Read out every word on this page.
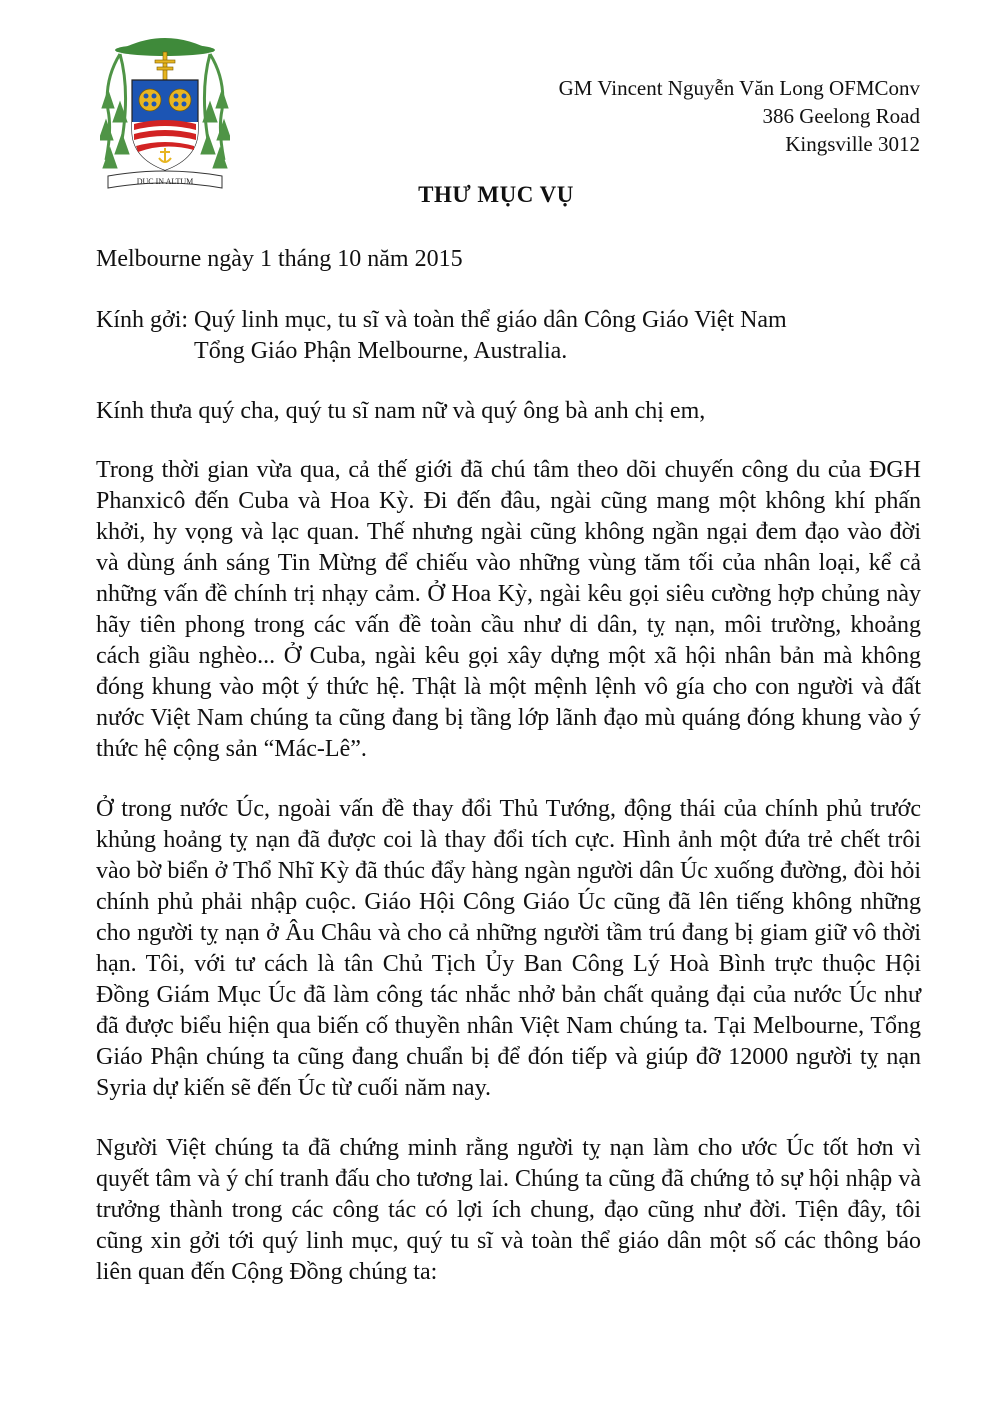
DUC IN ALTUM
GM Vincent Nguyễn Văn Long OFMConv
386 Geelong Road
Kingsville 3012
THƯ MỤC VỤ

Melbourne ngày 1 tháng 10 năm 2015

Kính gởi: Quý linh mục, tu sĩ và toàn thể giáo dân Công Giáo Việt Nam
Tổng Giáo Phận Melbourne, Australia.

Kính thưa quý cha, quý tu sĩ nam nữ và quý ông bà anh chị em,

Trong thời gian vừa qua, cả thế giới đã chú tâm theo dõi chuyến công du của ĐGH Phanxicô đến Cuba và Hoa Kỳ. Đi đến đâu, ngài cũng mang một không khí phấn khởi, hy vọng và lạc quan. Thế nhưng ngài cũng không ngần ngại đem đạo vào đời và dùng ánh sáng Tin Mừng để chiếu vào những vùng tăm tối của nhân loại, kể cả những vấn đề chính trị nhạy cảm. Ở Hoa Kỳ, ngài kêu gọi siêu cường hợp chủng này hãy tiên phong trong các vấn đề toàn cầu như di dân, tỵ nạn, môi trường, khoảng cách giầu nghèo... Ở Cuba, ngài kêu gọi xây dựng một xã hội nhân bản mà không đóng khung vào một ý thức hệ. Thật là một mệnh lệnh vô gía cho con người và đất nước Việt Nam chúng ta cũng đang bị tầng lớp lãnh đạo mù quáng đóng khung vào ý thức hệ cộng sản “Mác-Lê”.

Ở trong nước Úc, ngoài vấn đề thay đổi Thủ Tướng, động thái của chính phủ trước khủng hoảng tỵ nạn đã được coi là thay đổi tích cực. Hình ảnh một đứa trẻ chết trôi vào bờ biển ở Thổ Nhĩ Kỳ đã thúc đẩy hàng ngàn người dân Úc xuống đường, đòi hỏi chính phủ phải nhập cuộc. Giáo Hội Công Giáo Úc cũng đã lên tiếng không những cho người tỵ nạn ở Âu Châu và cho cả những người tầm trú đang bị giam giữ vô thời hạn. Tôi, với tư cách là tân Chủ Tịch Ủy Ban Công Lý Hoà Bình trực thuộc Hội Đồng Giám Mục Úc đã làm công tác nhắc nhở bản chất quảng đại của nước Úc như đã được biểu hiện qua biến cố thuyền nhân Việt Nam chúng ta. Tại Melbourne, Tổng Giáo Phận chúng ta cũng đang chuẩn bị để đón tiếp và giúp đỡ 12000 người tỵ nạn Syria dự kiến sẽ đến Úc từ cuối năm nay.

Người Việt chúng ta đã chứng minh rằng người tỵ nạn làm cho ước Úc tốt hơn vì quyết tâm và ý chí tranh đấu cho tương lai. Chúng ta cũng đã chứng tỏ sự hội nhập và trưởng thành trong các công tác có lợi ích chung, đạo cũng như đời. Tiện đây, tôi cũng xin gởi tới quý linh mục, quý tu sĩ và toàn thể giáo dân một số các thông báo liên quan đến Cộng Đồng chúng ta:
